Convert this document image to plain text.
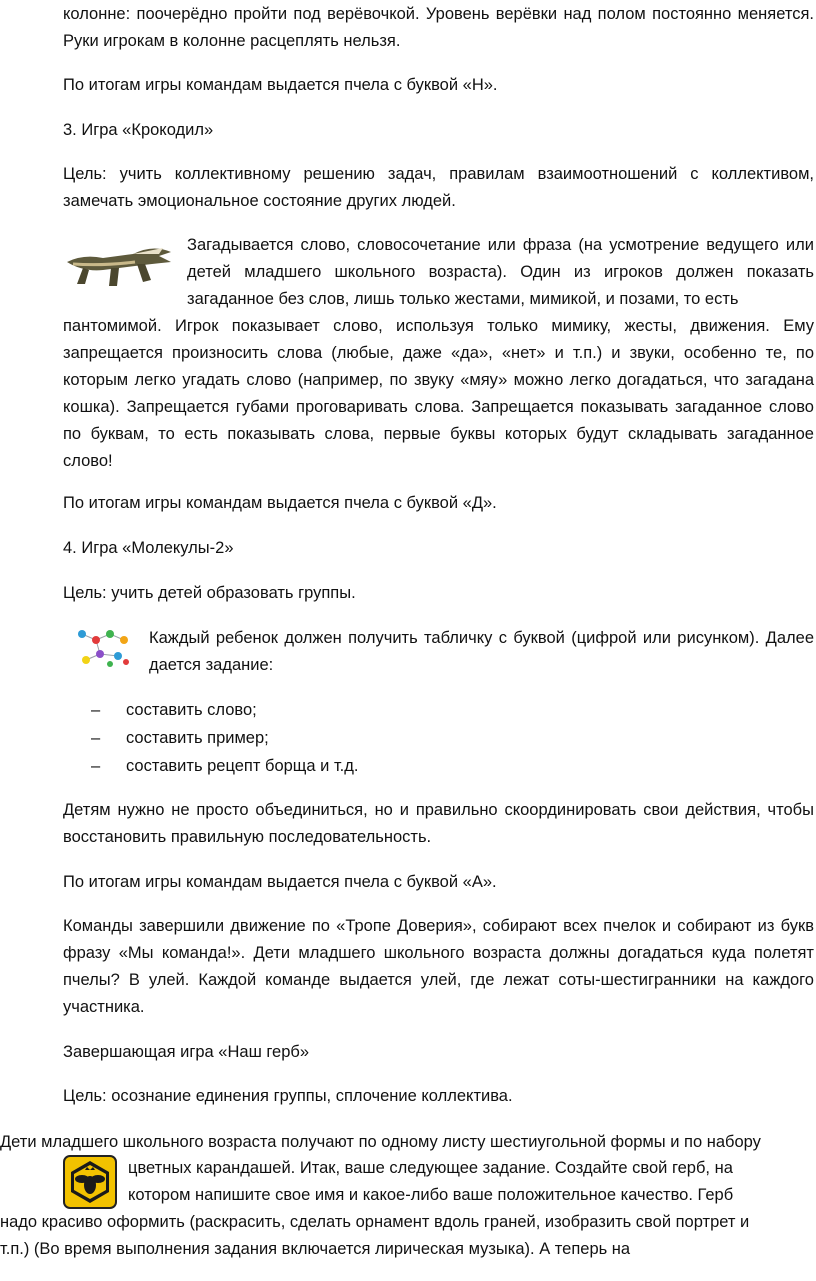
колонне: поочерёдно пройти под верёвочкой. Уровень верёвки над полом постоянно меняется. Руки игрокам в колонне расцеплять нельзя.

По итогам игры командам выдается пчела с буквой «Н».

3. Игра «Крокодил»

Цель: учить коллективному решению задач, правилам взаимоотношений с коллективом, замечать эмоциональное состояние других людей.

Загадывается слово, словосочетание или фраза (на усмотрение ведущего или детей младшего школьного возраста). Один из игроков должен показать загаданное без слов, лишь только жестами, мимикой, и позами, то есть

пантомимой. Игрок показывает слово, используя только мимику, жесты, движения. Ему запрещается произносить слова (любые, даже «да», «нет» и т.п.) и звуки, особенно те, по которым легко угадать слово (например, по звуку «мяу» можно легко догадаться, что загадана кошка). Запрещается губами проговаривать слова. Запрещается показывать загаданное слово по буквам, то есть показывать слова, первые буквы которых будут складывать загаданное слово!

По итогам игры командам выдается пчела с буквой «Д».

4. Игра «Молекулы-2»

Цель: учить детей образовать группы.

Каждый ребенок должен получить табличку с буквой (цифрой или рисунком). Далее дается задание:

– составить слово;
– составить пример;
– составить рецепт борща и т.д.

Детям нужно не просто объединиться, но и правильно скоординировать свои действия, чтобы восстановить правильную последовательность.

По итогам игры командам выдается пчела с буквой «А».

Команды завершили движение по «Тропе Доверия», собирают всех пчелок и собирают из букв фразу «Мы команда!». Дети младшего школьного возраста должны догадаться куда полетят пчелы? В улей. Каждой команде выдается улей, где лежат соты-шестигранники на каждого участника.

Завершающая игра «Наш герб»

Цель: осознание единения группы, сплочение коллектива.

Дети младшего школьного возраста получают по одному листу шестиугольной формы и по набору
цветных карандашей. Итак, ваше следующее задание. Создайте свой герб, на
котором напишите свое имя и какое-либо ваше положительное качество. Герб
надо красиво оформить (раскрасить, сделать орнамент вдоль граней, изобразить свой портрет и
т.п.) (Во время выполнения задания включается лирическая музыка). А теперь на
